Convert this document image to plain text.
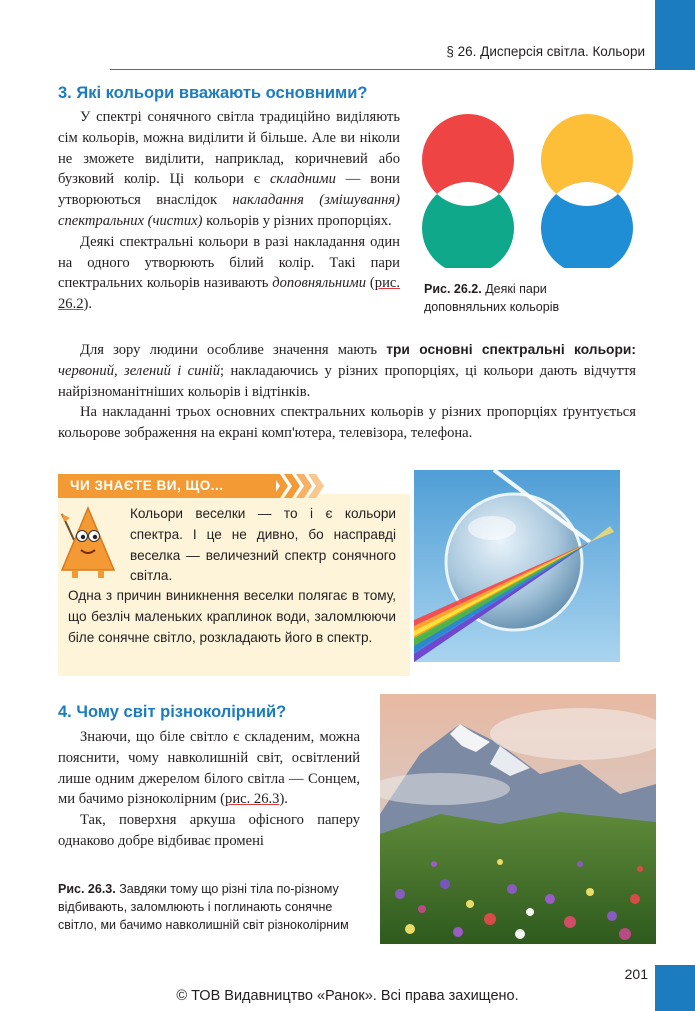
§ 26. Дисперсія світла. Кольори
3. Які кольори вважають основними?

У спектрі сонячного світла традиційно виділяють сім кольорів, можна виділити й більше. Але ви ніколи не зможете виділити, наприклад, коричневий або бузковий колір. Ці кольори є складними — вони утворюються внаслідок накладання (змішування) спектральних (чистих) кольорів у різних пропорціях.

Деякі спектральні кольори в разі накладання один на одного утворюють білий колір. Такі пари спектральних кольорів називають доповняльними (рис. 26.2).

Рис. 26.2. Деякі пари доповняльних кольорів

Для зору людини особливе значення мають три основні спектральні кольори: червоний, зелений і синій; накладаючись у різних пропорціях, ці кольори дають відчуття найрізноманітніших кольорів і відтінків.

На накладанні трьох основних спектральних кольорів у різних пропорціях ґрунтується кольорове зображення на екрані комп'ютера, телевізора, телефона.

ЧИ ЗНАЄТЕ ВИ, ЩО...
Кольори веселки — то і є кольори спектра. І це не дивно, бо насправді веселка — величезний спектр сонячного світла.
Одна з причин виникнення веселки полягає в тому, що безліч маленьких краплинок води, заломлюючи біле сонячне світло, розкладають його в спектр.
4. Чому світ різноколірний?

Знаючи, що біле світло є складеним, можна пояснити, чому навколишній світ, освітлений лише одним джерелом білого світла — Сонцем, ми бачимо різноколірним (рис. 26.3).

Так, поверхня аркуша офісного паперу однаково добре відбиває промені

Рис. 26.3. Завдяки тому що різні тіла по-різному відбивають, заломлюють і поглинають сонячне світло, ми бачимо навколишній світ різноколірним
201
© ТОВ Видавництво «Ранок». Всі права захищено.
